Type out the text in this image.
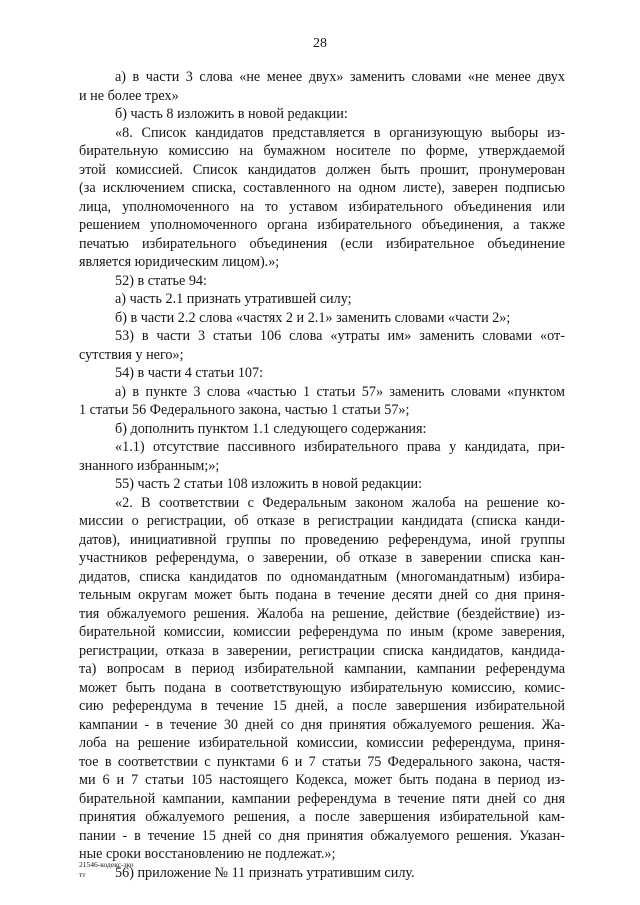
28
а) в части 3 слова «не менее двух» заменить словами «не менее двух
и не более трех»
б) часть 8 изложить в новой редакции:
«8. Список кандидатов представляется в организующую выборы из-
бирательную комиссию на бумажном носителе по форме, утверждаемой
этой комиссией. Список кандидатов должен быть прошит, пронумерован
(за исключением списка, составленного на одном листе), заверен подписью
лица, уполномоченного на то уставом избирательного объединения или
решением уполномоченного органа избирательного объединения, а также
печатью избирательного объединения (если избирательное объединение
является юридическим лицом).»;
52) в статье 94:
а) часть 2.1 признать утратившей силу;
б) в части 2.2 слова «частях 2 и 2.1» заменить словами «части 2»;
53) в части 3 статьи 106 слова «утраты им» заменить словами «от-
сутствия у него»;
54) в части 4 статьи 107:
а) в пункте 3 слова «частью 1 статьи 57» заменить словами «пунктом
1 статьи 56 Федерального закона, частью 1 статьи 57»;
б) дополнить пунктом 1.1 следующего содержания:
«1.1) отсутствие пассивного избирательного права у кандидата, при-
знанного избранным;»;
55) часть 2 статьи 108 изложить в новой редакции:
«2. В соответствии с Федеральным законом жалоба на решение ко-
миссии о регистрации, об отказе в регистрации кандидата (списка канди-
датов), инициативной группы по проведению референдума, иной группы
участников референдума, о заверении, об отказе в заверении списка кан-
дидатов, списка кандидатов по одномандатным (многомандатным) избира-
тельным округам может быть подана в течение десяти дней со дня приня-
тия обжалуемого решения. Жалоба на решение, действие (бездействие) из-
бирательной комиссии, комиссии референдума по иным (кроме заверения,
регистрации, отказа в заверении, регистрации списка кандидатов, кандида-
та) вопросам в период избирательной кампании, кампании референдума
может быть подана в соответствующую избирательную комиссию, комис-
сию референдума в течение 15 дней, а после завершения избирательной
кампании - в течение 30 дней со дня принятия обжалуемого решения. Жа-
лоба на решение избирательной комиссии, комиссии референдума, приня-
тое в соответствии с пунктами 6 и 7 статьи 75 Федерального закона, частя-
ми 6 и 7 статьи 105 настоящего Кодекса, может быть подана в период из-
бирательной кампании, кампании референдума в течение пяти дней со дня
принятия обжалуемого решения, а после завершения избирательной кам-
пании - в течение 15 дней со дня принятия обжалуемого решения. Указан-
ные сроки восстановлению не подлежат.»;
56) приложение № 11 признать утратившим силу.
21546-кодекс-зко
тт
